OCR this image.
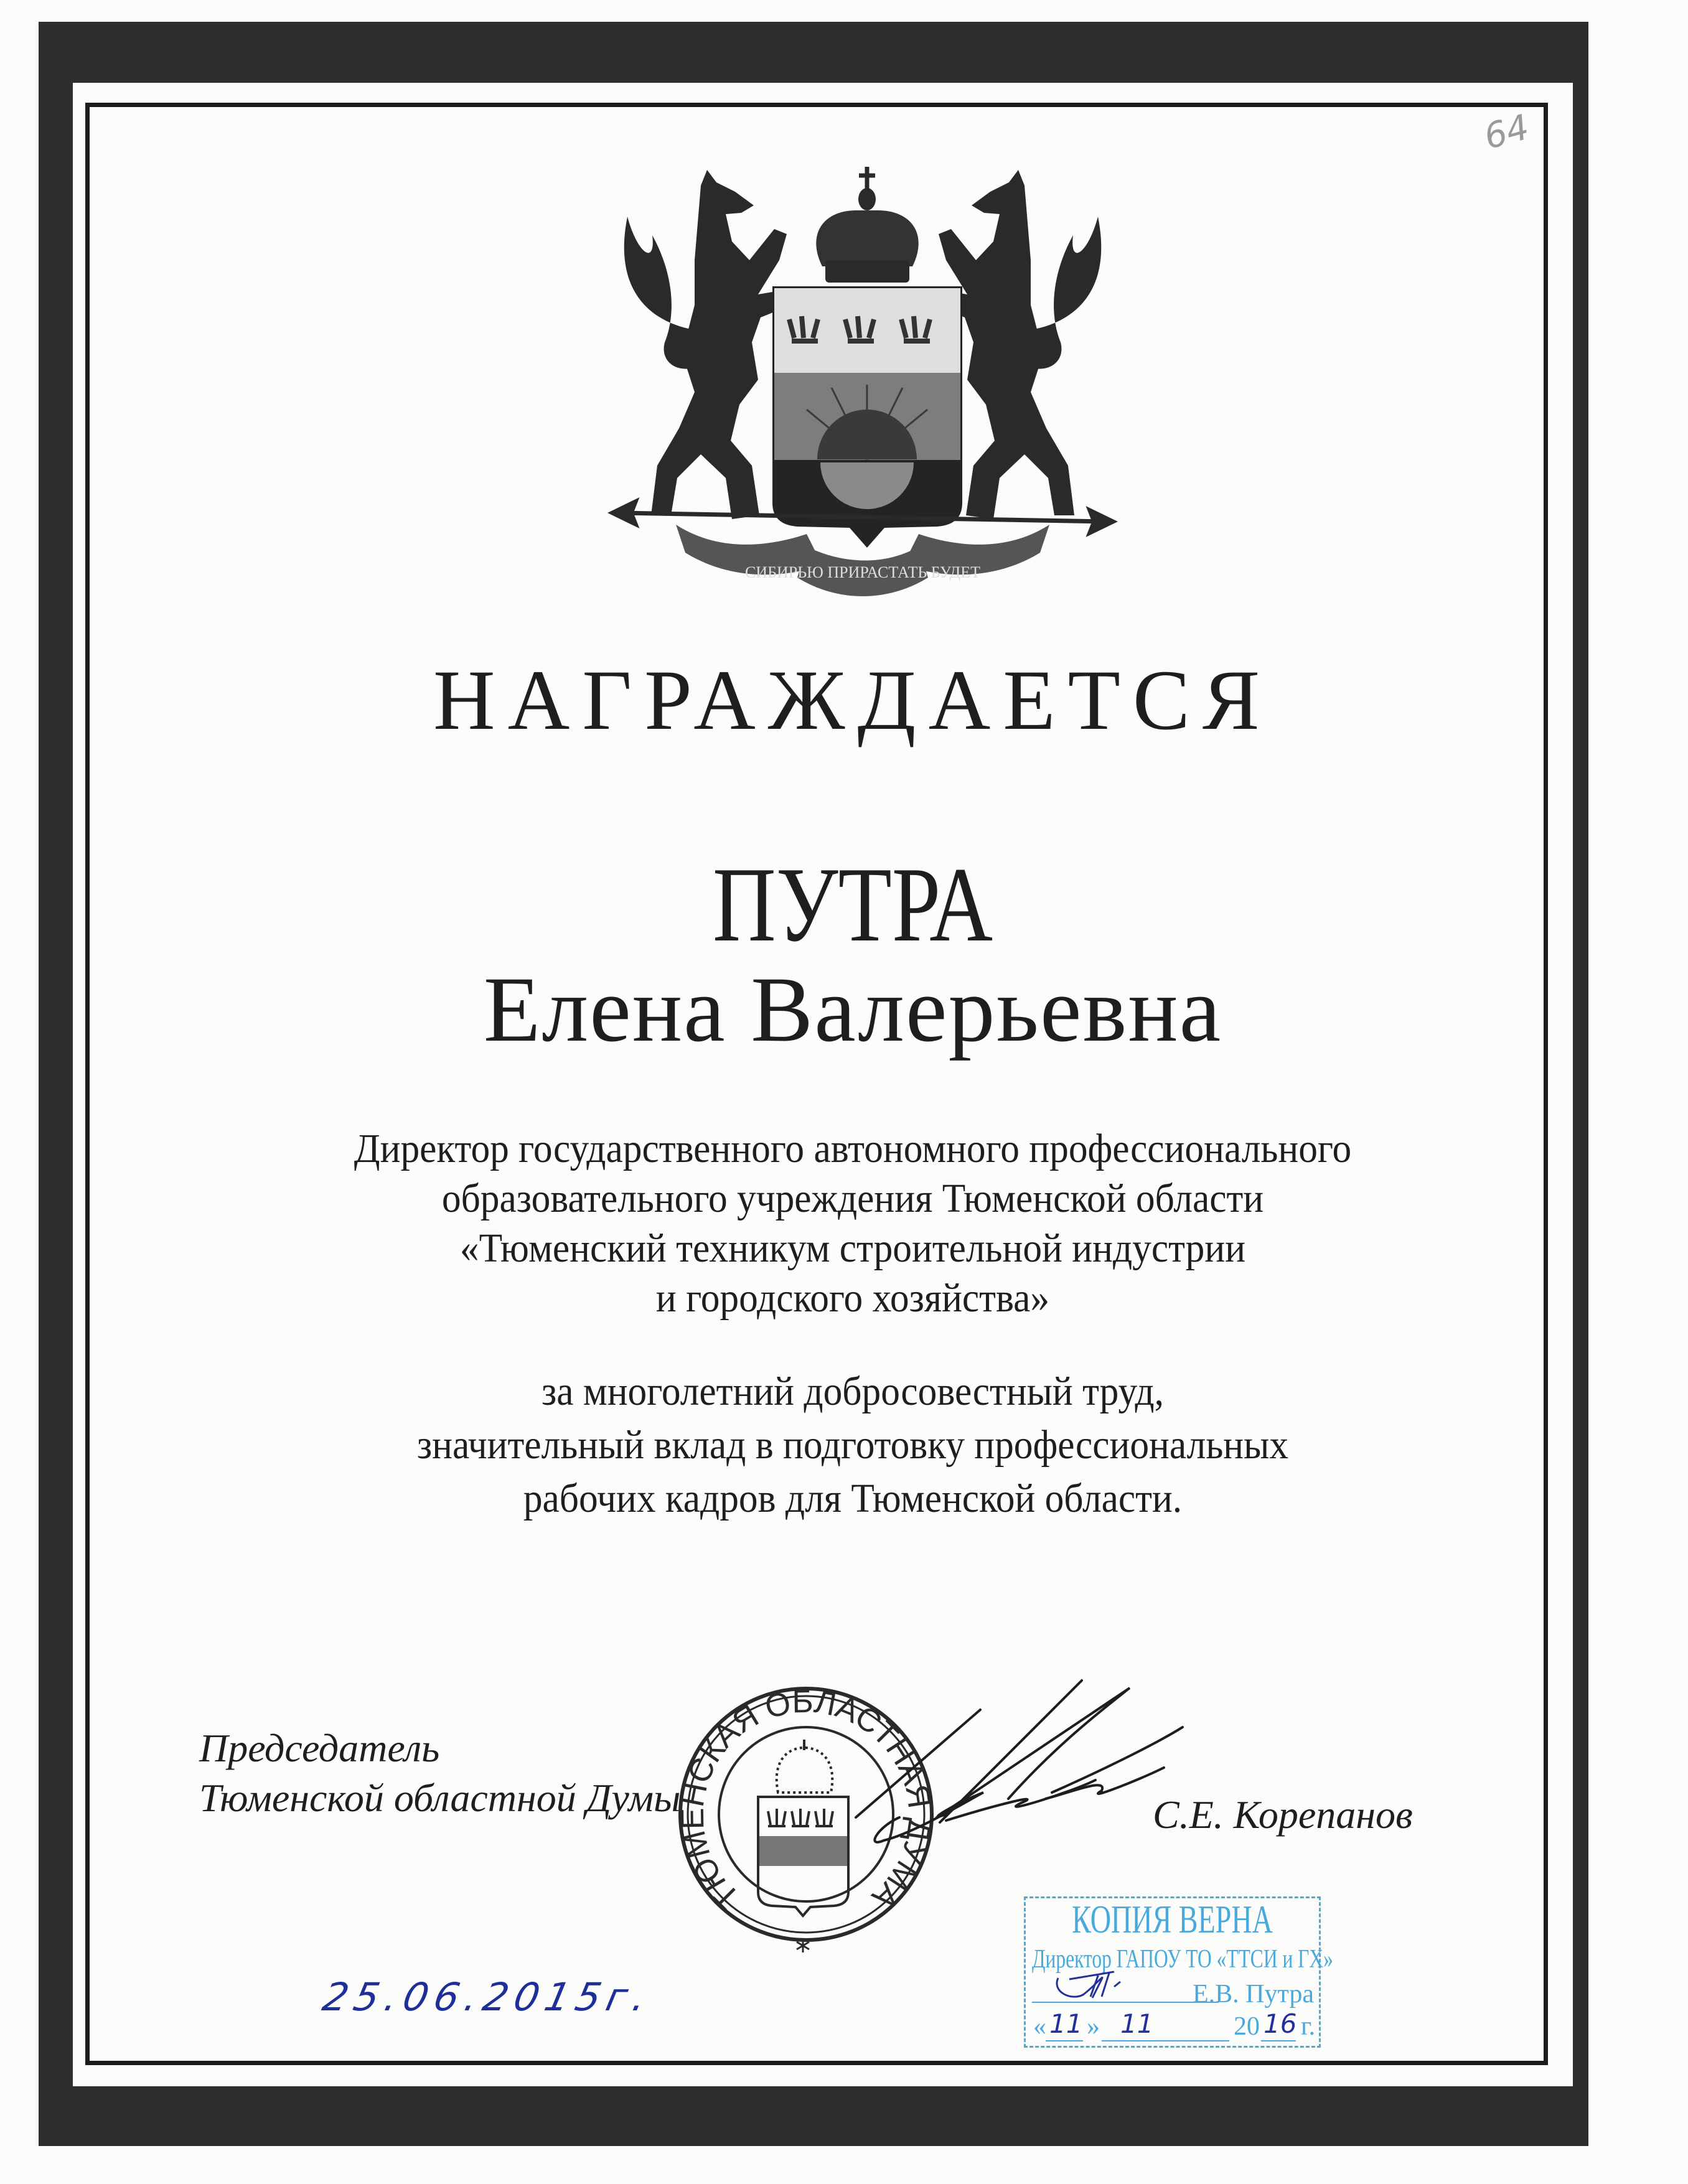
64
СИБИРЬЮ ПРИРАСТАТЬ БУДЕТ
НАГРАЖДАЕТСЯ
ПУТРА
Елена Валерьевна
Директор государственного автономного профессионального
образовательного учреждения Тюменской области
«Тюменский техникум строительной индустрии
и городского хозяйства»
за многолетний добросовестный труд,
значительный вклад в подготовку профессиональных
рабочих кадров для Тюменской области.
Председатель
Тюменской областной Думы	С.Е. Корепанов
ТЮМЕНСКАЯ ОБЛАСТНАЯ ДУМА
25.06.2015г.
КОПИЯ ВЕРНА
Директор ГАПОУ ТО «ТТСИ и ГХ»
Е.В. Путра
« 11 » 11	20 16 г.
